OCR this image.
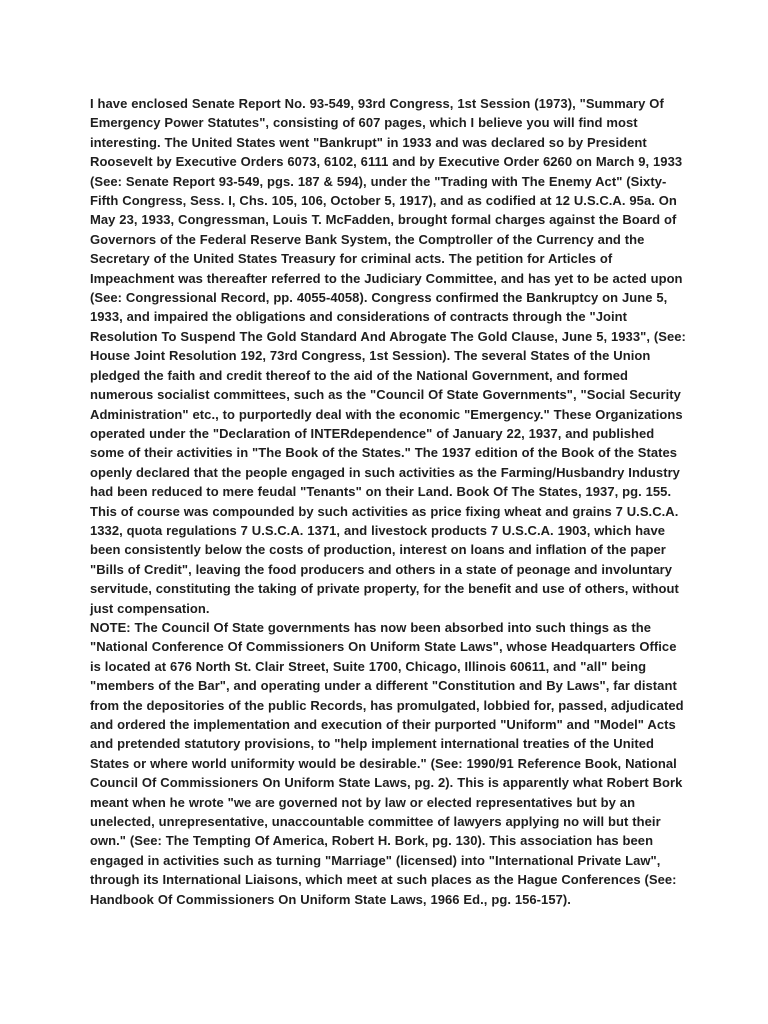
I have enclosed Senate Report No. 93-549, 93rd Congress, 1st Session (1973), "Summary Of Emergency Power Statutes", consisting of 607 pages, which I believe you will find most interesting. The United States went "Bankrupt" in 1933 and was declared so by President Roosevelt by Executive Orders 6073, 6102, 6111 and by Executive Order 6260 on March 9, 1933 (See: Senate Report 93-549, pgs. 187 & 594), under the "Trading with The Enemy Act" (Sixty-Fifth Congress, Sess. I, Chs. 105, 106, October 5, 1917), and as codified at 12 U.S.C.A. 95a. On May 23, 1933, Congressman, Louis T. McFadden, brought formal charges against the Board of Governors of the Federal Reserve Bank System, the Comptroller of the Currency and the Secretary of the United States Treasury for criminal acts. The petition for Articles of Impeachment was thereafter referred to the Judiciary Committee, and has yet to be acted upon (See: Congressional Record, pp. 4055-4058). Congress confirmed the Bankruptcy on June 5, 1933, and impaired the obligations and considerations of contracts through the "Joint Resolution To Suspend The Gold Standard And Abrogate The Gold Clause, June 5, 1933", (See: House Joint Resolution 192, 73rd Congress, 1st Session). The several States of the Union pledged the faith and credit thereof to the aid of the National Government, and formed numerous socialist committees, such as the "Council Of State Governments", "Social Security Administration" etc., to purportedly deal with the economic "Emergency." These Organizations operated under the "Declaration of INTERdependence" of January 22, 1937, and published some of their activities in "The Book of the States." The 1937 edition of the Book of the States openly declared that the people engaged in such activities as the Farming/Husbandry Industry had been reduced to mere feudal "Tenants" on their Land. Book Of The States, 1937, pg. 155. This of course was compounded by such activities as price fixing wheat and grains 7 U.S.C.A. 1332, quota regulations 7 U.S.C.A. 1371, and livestock products 7 U.S.C.A. 1903, which have been consistently below the costs of production, interest on loans and inflation of the paper "Bills of Credit", leaving the food producers and others in a state of peonage and involuntary servitude, constituting the taking of private property, for the benefit and use of others, without just compensation.

NOTE: The Council Of State governments has now been absorbed into such things as the "National Conference Of Commissioners On Uniform State Laws", whose Headquarters Office is located at 676 North St. Clair Street, Suite 1700, Chicago, Illinois 60611, and "all" being "members of the Bar", and operating under a different "Constitution and By Laws", far distant from the depositories of the public Records, has promulgated, lobbied for, passed, adjudicated and ordered the implementation and execution of their purported "Uniform" and "Model" Acts and pretended statutory provisions, to "help implement international treaties of the United States or where world uniformity would be desirable." (See: 1990/91 Reference Book, National Council Of Commissioners On Uniform State Laws, pg. 2). This is apparently what Robert Bork meant when he wrote "we are governed not by law or elected representatives but by an unelected, unrepresentative, unaccountable committee of lawyers applying no will but their own." (See: The Tempting Of America, Robert H. Bork, pg. 130). This association has been engaged in activities such as turning "Marriage" (licensed) into "International Private Law", through its International Liaisons, which meet at such places as the Hague Conferences (See: Handbook Of Commissioners On Uniform State Laws, 1966 Ed., pg. 156-157).
